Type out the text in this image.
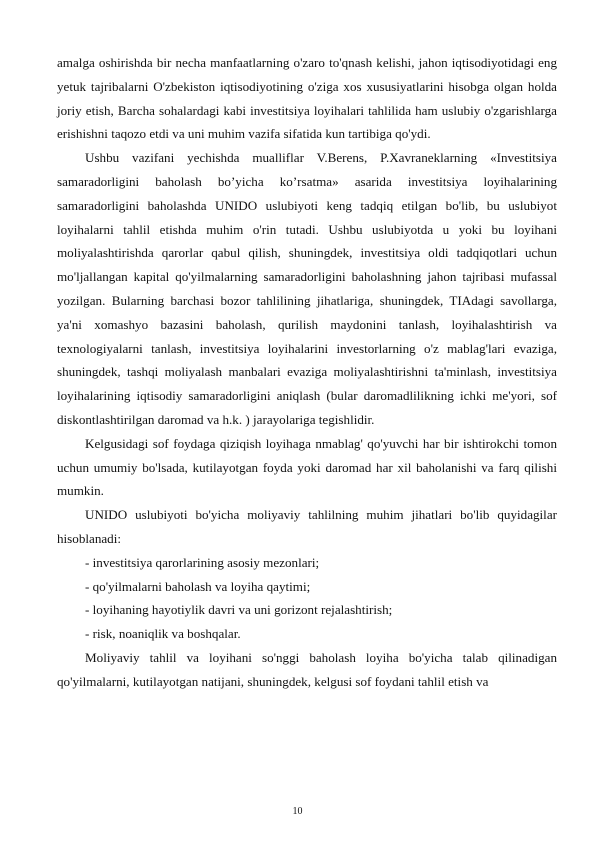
amalga oshirishda bir necha manfaatlarning o'zaro to'qnash kelishi, jahon iqtisodiyotidagi eng yetuk tajribalarni O'zbekiston iqtisodiyotining o'ziga xos xususiyatlarini hisobga olgan holda joriy etish, Barcha sohalardagi kabi investitsiya loyihalari tahlilida ham uslubiy o'zgarishlarga erishishni taqozo etdi va uni muhim vazifa sifatida kun tartibiga qo'ydi.

Ushbu vazifani yechishda mualliflar V.Berens, P.Xavraneklarning «Investitsiya samaradorligini baholash bo’yicha ko’rsatma» asarida investitsiya loyihalarining samaradorligini baholashda UNIDO uslubiyoti keng tadqiq etilgan bo'lib, bu uslubiyot loyihalarni tahlil etishda muhim o'rin tutadi. Ushbu uslubiyotda u yoki bu loyihani moliyalashtirishda qarorlar qabul qilish, shuningdek, investitsiya oldi tadqiqotlari uchun mo'ljallangan kapital qo'yilmalarning samaradorligini baholashning jahon tajribasi mufassal yozilgan. Bularning barchasi bozor tahlilining jihatlariga, shuningdek, TIAdagi savollarga, ya'ni xomashyo bazasini baholash, qurilish maydonini tanlash, loyihalashtirish va texnologiyalarni tanlash, investitsiya loyihalarini investorlarning o'z mablag'lari evaziga, shuningdek, tashqi moliyalash manbalari evaziga moliyalashtirishni ta'minlash, investitsiya loyihalarining iqtisodiy samaradorligini aniqlash (bular daromadlilikning ichki me'yori, sof diskontlashtirilgan daromad va h.k. ) jarayolariga tegishlidir.

Kelgusidagi sof foydaga qiziqish loyihaga nmablag' qo'yuvchi har bir ishtirokchi tomon uchun umumiy bo'lsada, kutilayotgan foyda yoki daromad har xil baholanishi va farq qilishi mumkin.

UNIDO uslubiyoti bo'yicha moliyaviy tahlilning muhim jihatlari bo'lib quyidagilar hisoblanadi:

- investitsiya qarorlarining asosiy mezonlari;

- qo'yilmalarni baholash va loyiha qaytimi;

- loyihaning hayotiylik davri va uni gorizont rejalashtirish;

- risk, noaniqlik va boshqalar.

Moliyaviy tahlil va loyihani so'nggi baholash loyiha bo'yicha talab qilinadigan qo'yilmalarni, kutilayotgan natijani, shuningdek, kelgusi sof foydani tahlil etish va

10
